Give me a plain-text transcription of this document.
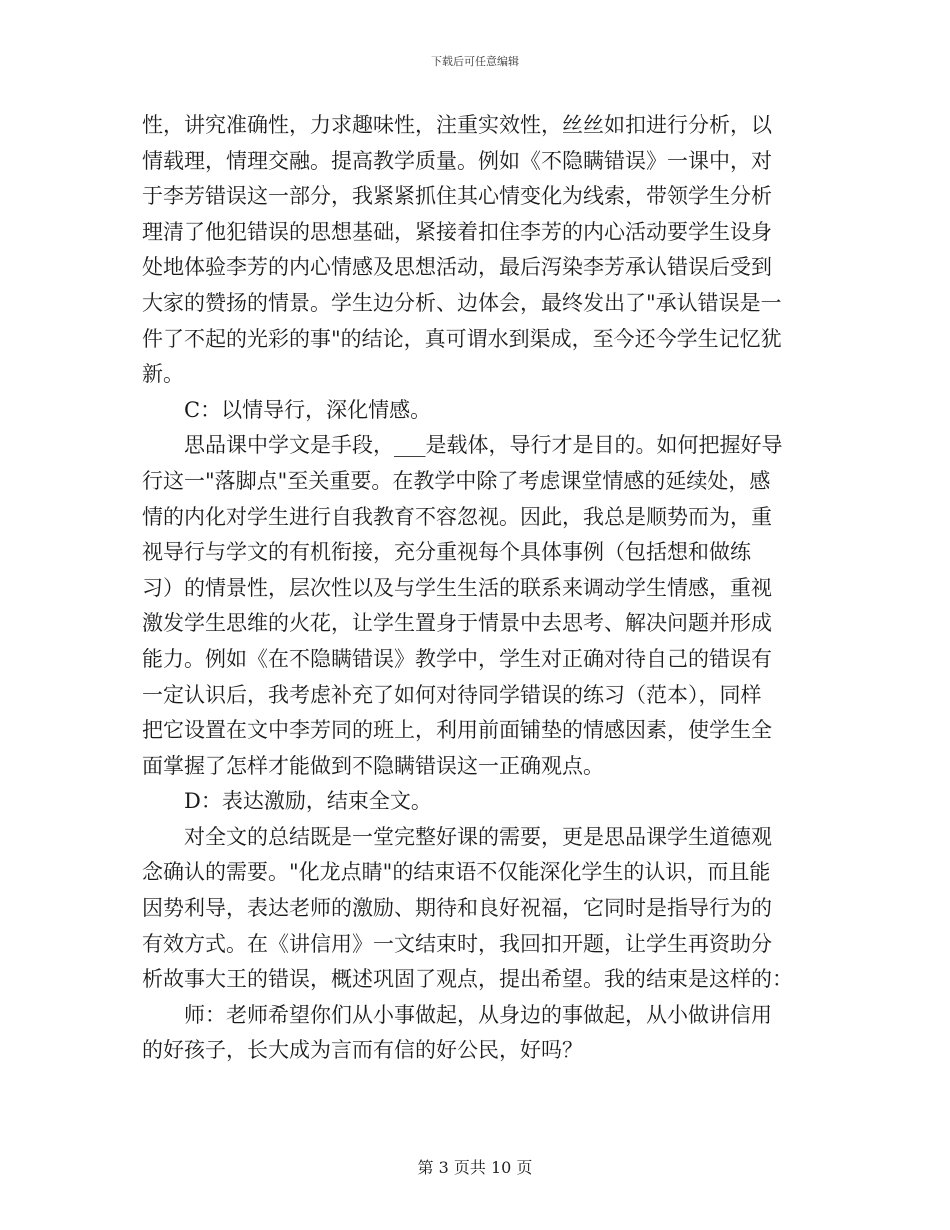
下载后可任意编辑

性，讲究准确性，力求趣味性，注重实效性，丝丝如扣进行分析，以
情载理，情理交融。提高教学质量。例如《不隐瞒错误》一课中，对
于李芳错误这一部分，我紧紧抓住其心情变化为线索，带领学生分析
理清了他犯错误的思想基础，紧接着扣住李芳的内心活动要学生设身
处地体验李芳的内心情感及思想活动，最后泻染李芳承认错误后受到
大家的赞扬的情景。学生边分析、边体会，最终发出了"承认错误是一
件了不起的光彩的事"的结论，真可谓水到渠成，至今还今学生记忆犹
新。

C：以情导行，深化情感。

思品课中学文是手段，___是载体，导行才是目的。如何把握好导
行这一"落脚点"至关重要。在教学中除了考虑课堂情感的延续处，感
情的内化对学生进行自我教育不容忽视。因此，我总是顺势而为，重
视导行与学文的有机衔接，充分重视每个具体事例（包括想和做练
习）的情景性，层次性以及与学生生活的联系来调动学生情感，重视
激发学生思维的火花，让学生置身于情景中去思考、解决问题并形成
能力。例如《在不隐瞒错误》教学中，学生对正确对待自己的错误有
一定认识后，我考虑补充了如何对待同学错误的练习（范本），同样
把它设置在文中李芳同的班上，利用前面铺垫的情感因素，使学生全
面掌握了怎样才能做到不隐瞒错误这一正确观点。

D：表达激励，结束全文。

对全文的总结既是一堂完整好课的需要，更是思品课学生道德观
念确认的需要。"化龙点睛"的结束语不仅能深化学生的认识，而且能
因势利导，表达老师的激励、期待和良好祝福，它同时是指导行为的
有效方式。在《讲信用》一文结束时，我回扣开题，让学生再资助分
析故事大王的错误，概述巩固了观点，提出希望。我的结束是这样的：

师：老师希望你们从小事做起，从身边的事做起，从小做讲信用
的好孩子，长大成为言而有信的好公民，好吗？

第 3 页共 10 页
